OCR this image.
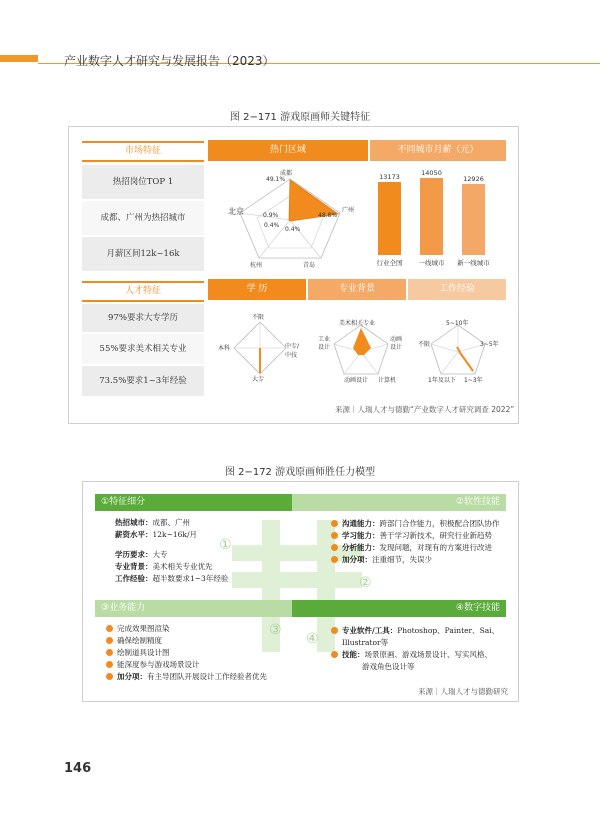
产业数字人才研究与发展报告（2023）
图 2−171 游戏原画师关键特征
市场特征
热招岗位TOP 1
成都、广州为热招城市
月薪区间12k~16k
热门区域	不同城市月薪（元）
成都
49.1%
广州
48.8%
青岛
杭州
北京	0.9%
0.4%
0.4%
13173
行业全国
14050
一线城市
12926
新一线城市
人才特征
97%要求大专学历
55%要求美术相关专业
73.5%要求1~3年经验
学 历	专业背景	工作经验
不限
中专/中技
大专
本科
美术相关专业
动画设计
计算机
动画设计
工业设计
5~10年
3~5年
1~3年
1年及以下
不限
来源｜人瑞人才与德勤“产业数字人才研究调查 2022”
图 2−172 游戏原画师胜任力模型
①特征细分	②软性技能
③业务能力	④数字技能
①
②
③
④
热招城市：成都、广州
薪资水平：12k~16k/月
学历要求：大专
专业背景：美术相关专业优先
工作经验：超半数要求1~3年经验
沟通能力：跨部门合作能力，积极配合团队协作
学习能力：善于学习新技术，研究行业新趋势
分析能力：发现问题，对现有的方案进行改进
加分项：注重细节，失误少
完成效果图渲染
确保绘制精度
绘制道具设计图
能深度参与游戏场景设计
加分项：有主导团队开展设计工作经验者优先
专业软件/工具：Photoshop、Painter、Sai、
Illustrator等
技能：场景原画、游戏场景设计、写实风格、
游戏角色设计等
来源｜人瑞人才与德勤研究
146
